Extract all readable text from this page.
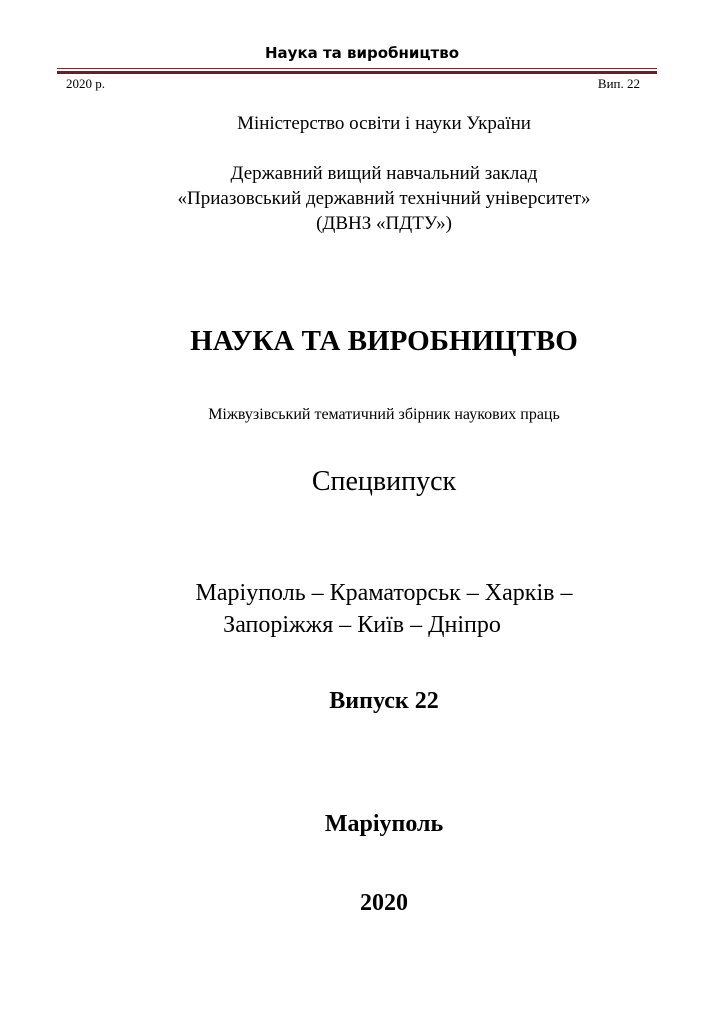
Наука та виробництво
2020 р.	Вип. 22
Міністерство освіти і науки України
Державний вищий навчальний заклад
«Приазовський державний технічний університет»
(ДВНЗ «ПДТУ»)
НАУКА ТА ВИРОБНИЦТВО
Міжвузівський тематичний збірник наукових праць
Спецвипуск
Маріуполь – Краматорськ – Харків –
Запоріжжя – Київ – Дніпро
Випуск 22
Маріуполь
2020
